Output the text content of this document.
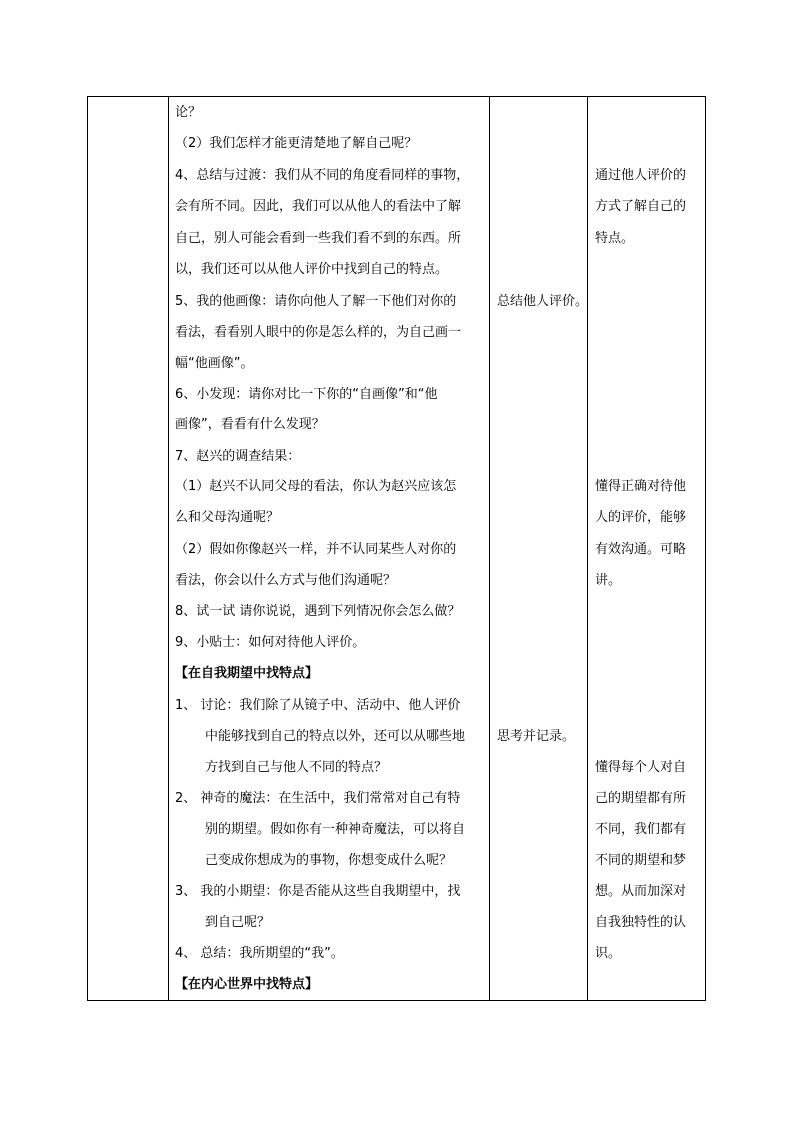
论？
（2）我们怎样才能更清楚地了解自己呢？
4、总结与过渡：我们从不同的角度看同样的事物，
会有所不同。因此，我们可以从他人的看法中了解
自己，别人可能会看到一些我们看不到的东西。所
以，我们还可以从他人评价中找到自己的特点。
5、我的他画像：请你向他人了解一下他们对你的
看法，看看别人眼中的你是怎么样的，为自己画一
幅“他画像”。
6、小发现：请你对比一下你的“自画像”和“他
画像”，看看有什么发现？
7、赵兴的调查结果：
（1）赵兴不认同父母的看法，你认为赵兴应该怎
么和父母沟通呢？
（2）假如你像赵兴一样，并不认同某些人对你的
看法，你会以什么方式与他们沟通呢？
8、试一试 请你说说，遇到下列情况你会怎么做？
9、小贴士：如何对待他人评价。
【在自我期望中找特点】
1、 讨论：我们除了从镜子中、活动中、他人评价
中能够找到自己的特点以外，还可以从哪些地
方找到自己与他人不同的特点？
2、 神奇的魔法：在生活中，我们常常对自己有特
别的期望。假如你有一种神奇魔法，可以将自
己变成你想成为的事物，你想变成什么呢？
3、 我的小期望：你是否能从这些自我期望中，找
到自己呢？
4、 总结：我所期望的“我”。
【在内心世界中找特点】
总结他人评价。
思考并记录。
通过他人评价的
方式了解自己的
特点。
懂得正确对待他
人的评价，能够
有效沟通。可略
讲。
懂得每个人对自
己的期望都有所
不同，我们都有
不同的期望和梦
想。从而加深对
自我独特性的认
识。
